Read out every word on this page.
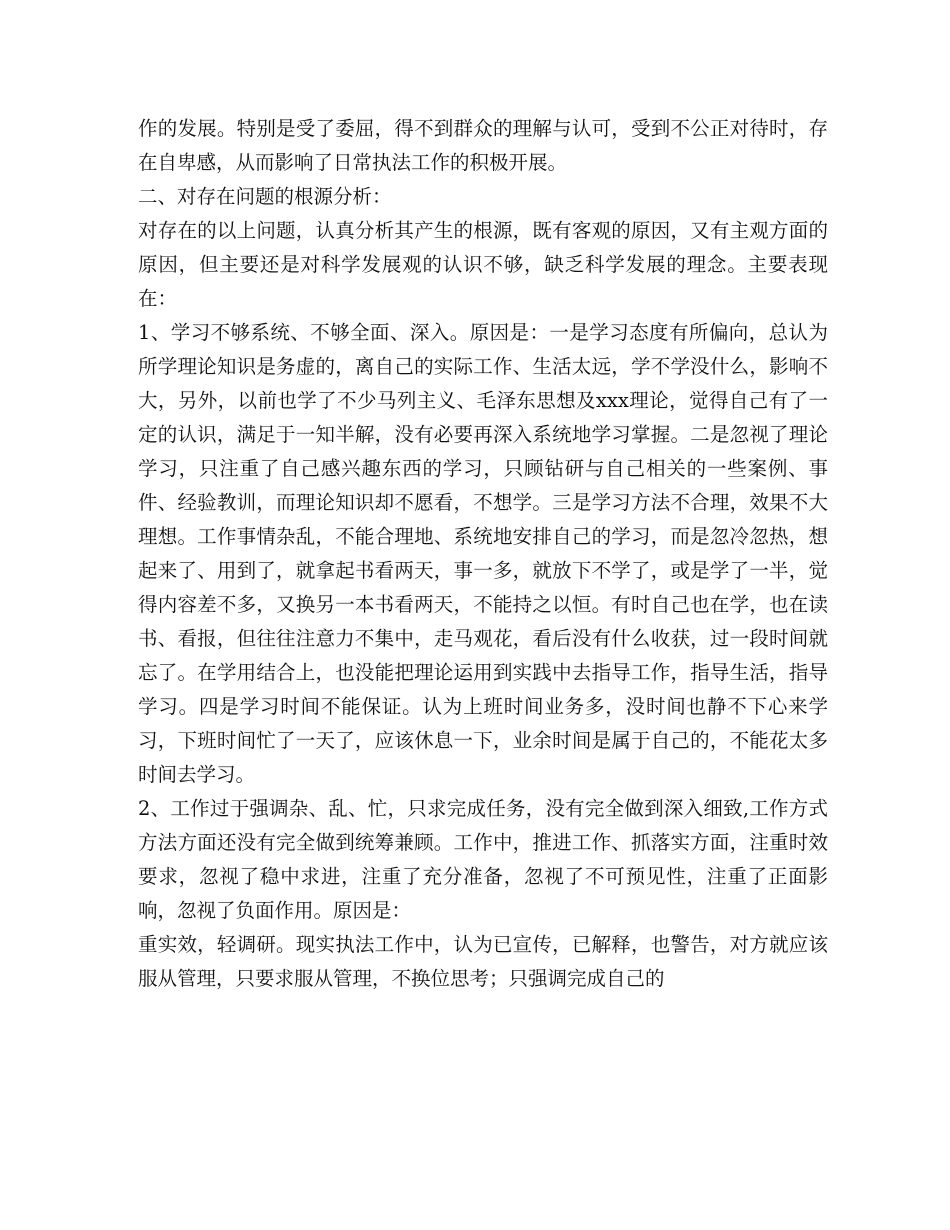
作的发展。特别是受了委屈，得不到群众的理解与认可，受到不公正对待时，存在自卑感，从而影响了日常执法工作的积极开展。

二、对存在问题的根源分析：

对存在的以上问题，认真分析其产生的根源，既有客观的原因，又有主观方面的原因，但主要还是对科学发展观的认识不够，缺乏科学发展的理念。主要表现在：

1、学习不够系统、不够全面、深入。原因是：一是学习态度有所偏向，总认为所学理论知识是务虚的，离自己的实际工作、生活太远，学不学没什么，影响不大，另外，以前也学了不少马列主义、毛泽东思想及xxx理论，觉得自己有了一定的认识，满足于一知半解，没有必要再深入系统地学习掌握。二是忽视了理论学习，只注重了自己感兴趣东西的学习，只顾钻研与自己相关的一些案例、事件、经验教训，而理论知识却不愿看，不想学。三是学习方法不合理，效果不大理想。工作事情杂乱，不能合理地、系统地安排自己的学习，而是忽冷忽热，想起来了、用到了，就拿起书看两天，事一多，就放下不学了，或是学了一半，觉得内容差不多，又换另一本书看两天，不能持之以恒。有时自己也在学，也在读书、看报，但往往注意力不集中，走马观花，看后没有什么收获，过一段时间就忘了。在学用结合上，也没能把理论运用到实践中去指导工作，指导生活，指导学习。四是学习时间不能保证。认为上班时间业务多，没时间也静不下心来学习，下班时间忙了一天了，应该休息一下，业余时间是属于自己的，不能花太多时间去学习。

2、工作过于强调杂、乱、忙，只求完成任务，没有完全做到深入细致,工作方式方法方面还没有完全做到统筹兼顾。工作中，推进工作、抓落实方面，注重时效要求，忽视了稳中求进，注重了充分准备，忽视了不可预见性，注重了正面影响，忽视了负面作用。原因是：

重实效，轻调研。现实执法工作中，认为已宣传，已解释，也警告，对方就应该服从管理，只要求服从管理，不换位思考；只强调完成自己的
